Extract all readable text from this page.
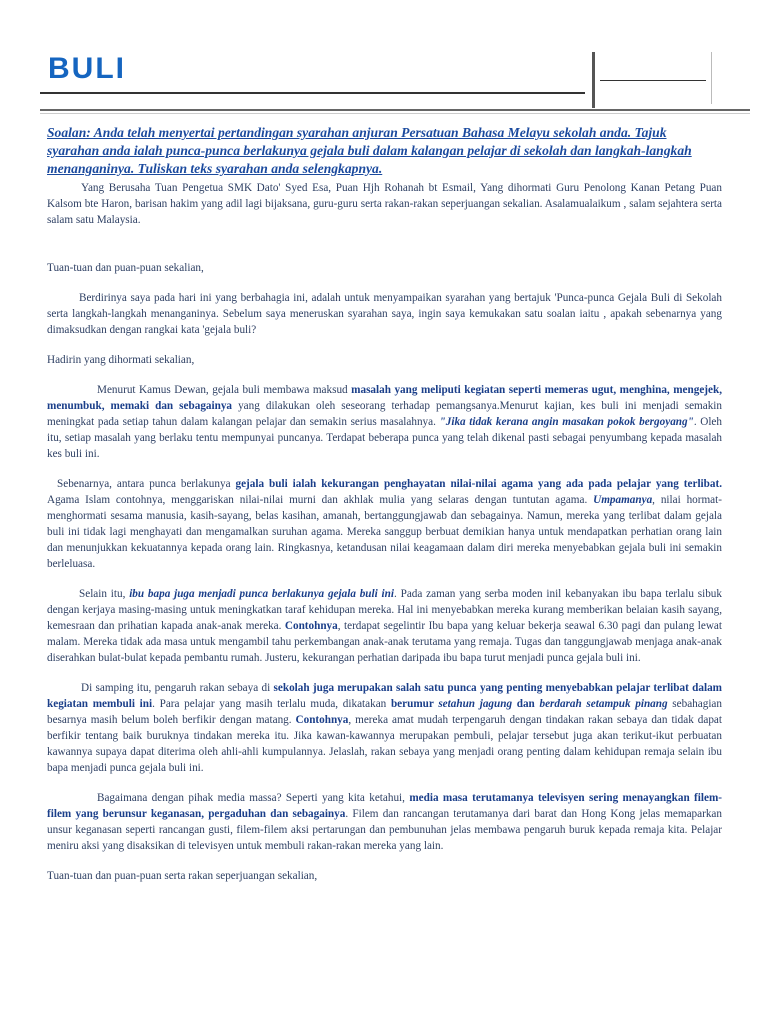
BULI
Soalan: Anda telah menyertai pertandingan syarahan anjuran Persatuan Bahasa Melayu sekolah anda. Tajuk syarahan anda ialah punca-punca berlakunya gejala buli dalam kalangan pelajar di sekolah dan langkah-langkah menanganinya. Tuliskan teks syarahan anda selengkapnya.

Yang Berusaha Tuan Pengetua SMK Dato' Syed Esa, Puan Hjh Rohanah bt Esmail, Yang dihormati Guru Penolong Kanan Petang Puan Kalsom bte Haron, barisan hakim yang adil lagi bijaksana, guru-guru serta rakan-rakan seperjuangan sekalian. Asalamualaikum , salam sejahtera serta salam satu Malaysia.

Tuan-tuan dan puan-puan sekalian,

Berdirinya saya pada hari ini yang berbahagia ini, adalah untuk menyampaikan syarahan yang bertajuk 'Punca-punca Gejala Buli di Sekolah serta langkah-langkah menanganinya. Sebelum saya meneruskan syarahan saya, ingin saya kemukakan satu soalan iaitu , apakah sebenarnya yang dimaksudkan dengan rangkai kata 'gejala buli?

Hadirin yang dihormati sekalian,

Menurut Kamus Dewan, gejala buli membawa maksud masalah yang meliputi kegiatan seperti memeras ugut, menghina, mengejek, menumbuk, memaki dan sebagainya yang dilakukan oleh seseorang terhadap pemangsanya.Menurut kajian, kes buli ini menjadi semakin meningkat pada setiap tahun dalam kalangan pelajar dan semakin serius masalahnya. "Jika tidak kerana angin masakan pokok bergoyang". Oleh itu, setiap masalah yang berlaku tentu mempunyai puncanya. Terdapat beberapa punca yang telah dikenal pasti sebagai penyumbang kepada masalah kes buli ini.

Sebenarnya, antara punca berlakunya gejala buli ialah kekurangan penghayatan nilai-nilai agama yang ada pada pelajar yang terlibat. Agama Islam contohnya, menggariskan nilai-nilai murni dan akhlak mulia yang selaras dengan tuntutan agama. Umpamanya, nilai hormat-menghormati sesama manusia, kasih-sayang, belas kasihan, amanah, bertanggungjawab dan sebagainya. Namun, mereka yang terlibat dalam gejala buli ini tidak lagi menghayati dan mengamalkan suruhan agama. Mereka sanggup berbuat demikian hanya untuk mendapatkan perhatian orang lain dan menunjukkan kekuatannya kepada orang lain. Ringkasnya, ketandusan nilai keagamaan dalam diri mereka menyebabkan gejala buli ini semakin berleluasa.

Selain itu, ibu bapa juga menjadi punca berlakunya gejala buli ini. Pada zaman yang serba moden inil kebanyakan ibu bapa terlalu sibuk dengan kerjaya masing-masing untuk meningkatkan taraf kehidupan mereka. Hal ini menyebabkan mereka kurang memberikan belaian kasih sayang, kemesraan dan prihatian kapada anak-anak mereka. Contohnya, terdapat segelintir Ibu bapa yang keluar bekerja seawal 6.30 pagi dan pulang lewat malam. Mereka tidak ada masa untuk mengambil tahu perkembangan anak-anak terutama yang remaja. Tugas dan tanggungjawab menjaga anak-anak diserahkan bulat-bulat kepada pembantu rumah. Justeru, kekurangan perhatian daripada ibu bapa turut menjadi punca gejala buli ini.

Di samping itu, pengaruh rakan sebaya di sekolah juga merupakan salah satu punca yang penting menyebabkan pelajar terlibat dalam kegiatan membuli ini. Para pelajar yang masih terlalu muda, dikatakan berumur setahun jagung dan berdarah setampuk pinang sebahagian besarnya masih belum boleh berfikir dengan matang. Contohnya, mereka amat mudah terpengaruh dengan tindakan rakan sebaya dan tidak dapat berfikir tentang baik buruknya tindakan mereka itu. Jika kawan-kawannya merupakan pembuli, pelajar tersebut juga akan terikut-ikut perbuatan kawannya supaya dapat diterima oleh ahli-ahli kumpulannya. Jelaslah, rakan sebaya yang menjadi orang penting dalam kehidupan remaja selain ibu bapa menjadi punca gejala buli ini.

Bagaimana dengan pihak media massa? Seperti yang kita ketahui, media masa terutamanya televisyen sering menayangkan filem-filem yang berunsur keganasan, pergaduhan dan sebagainya. Filem dan rancangan terutamanya dari barat dan Hong Kong jelas memaparkan unsur keganasan seperti rancangan gusti, filem-filem aksi pertarungan dan pembunuhan jelas membawa pengaruh buruk kepada remaja kita. Pelajar meniru aksi yang disaksikan di televisyen untuk membuli rakan-rakan mereka yang lain.

Tuan-tuan dan puan-puan serta rakan seperjuangan sekalian,
